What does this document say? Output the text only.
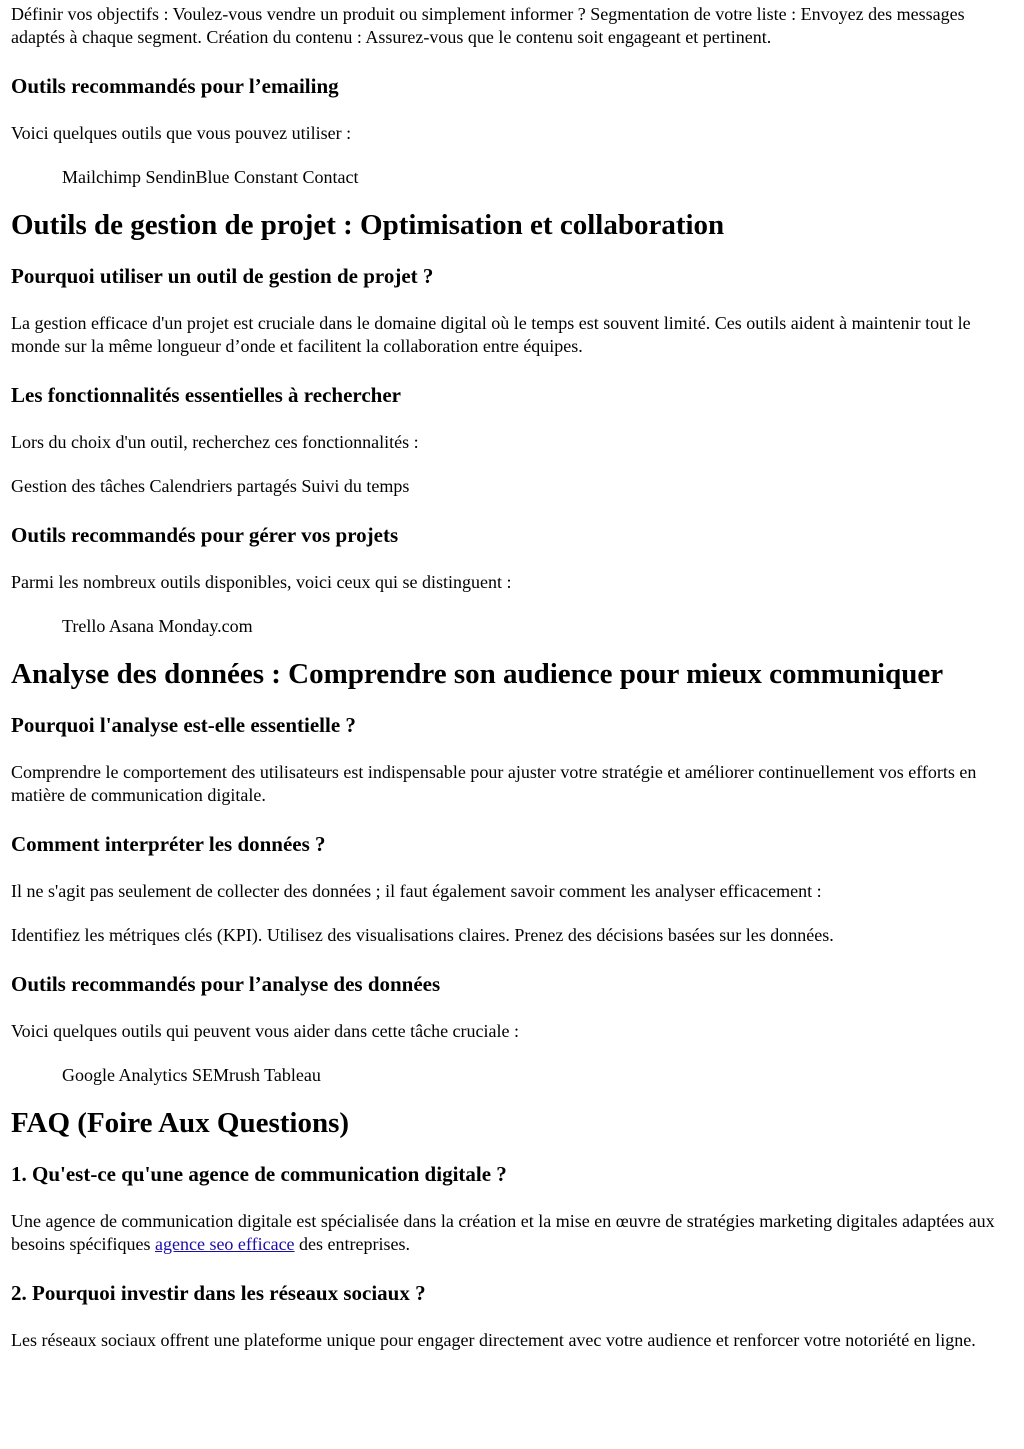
Définir vos objectifs : Voulez-vous vendre un produit ou simplement informer ? Segmentation de votre liste : Envoyez des messages adaptés à chaque segment. Création du contenu : Assurez-vous que le contenu soit engageant et pertinent.

Outils recommandés pour l’emailing

Voici quelques outils que vous pouvez utiliser :

Mailchimp SendinBlue Constant Contact

Outils de gestion de projet : Optimisation et collaboration
Pourquoi utiliser un outil de gestion de projet ?

La gestion efficace d'un projet est cruciale dans le domaine digital où le temps est souvent limité. Ces outils aident à maintenir tout le monde sur la même longueur d’onde et facilitent la collaboration entre équipes.

Les fonctionnalités essentielles à rechercher

Lors du choix d'un outil, recherchez ces fonctionnalités :

Gestion des tâches Calendriers partagés Suivi du temps

Outils recommandés pour gérer vos projets

Parmi les nombreux outils disponibles, voici ceux qui se distinguent :

Trello Asana Monday.com

Analyse des données : Comprendre son audience pour mieux communiquer
Pourquoi l'analyse est-elle essentielle ?

Comprendre le comportement des utilisateurs est indispensable pour ajuster votre stratégie et améliorer continuellement vos efforts en matière de communication digitale.

Comment interpréter les données ?

Il ne s'agit pas seulement de collecter des données ; il faut également savoir comment les analyser efficacement :

Identifiez les métriques clés (KPI). Utilisez des visualisations claires. Prenez des décisions basées sur les données.

Outils recommandés pour l’analyse des données

Voici quelques outils qui peuvent vous aider dans cette tâche cruciale :

Google Analytics SEMrush Tableau

FAQ (Foire Aux Questions)
1. Qu'est-ce qu'une agence de communication digitale ?

Une agence de communication digitale est spécialisée dans la création et la mise en œuvre de stratégies marketing digitales adaptées aux besoins spécifiques agence seo efficace des entreprises.

2. Pourquoi investir dans les réseaux sociaux ?

Les réseaux sociaux offrent une plateforme unique pour engager directement avec votre audience et renforcer votre notoriété en ligne.
